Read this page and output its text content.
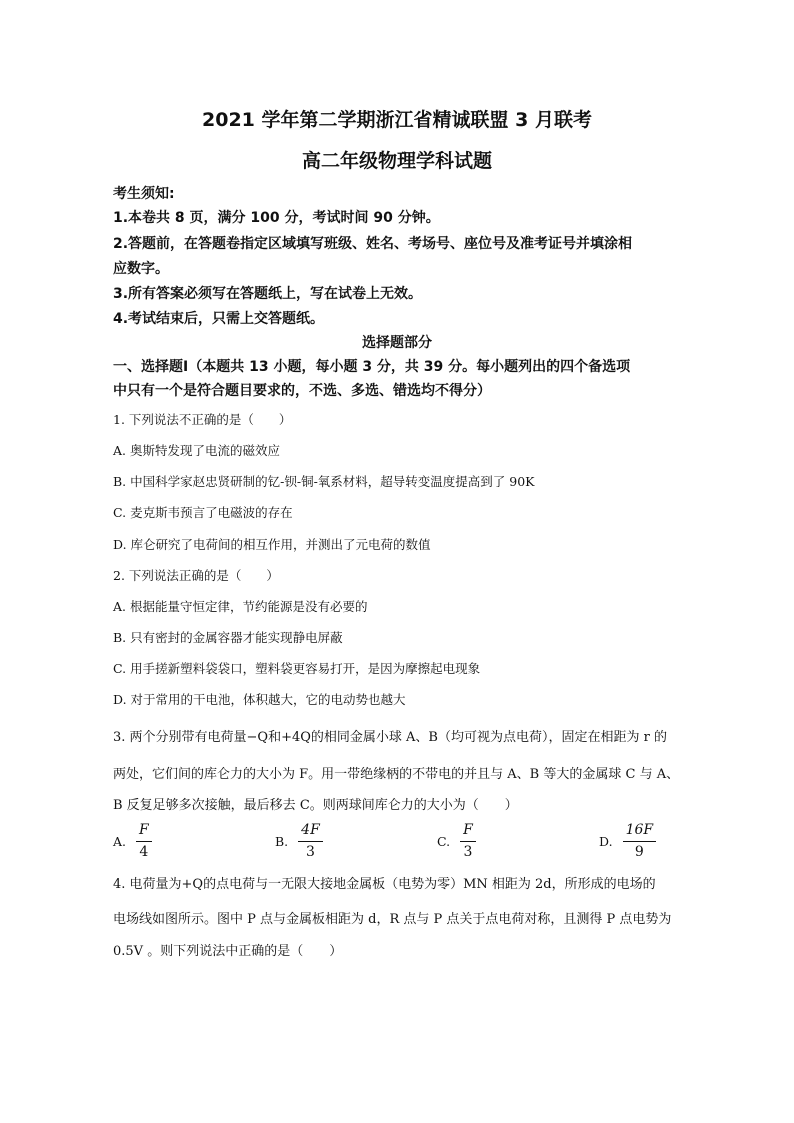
2021 学年第二学期浙江省精诚联盟 3 月联考
高二年级物理学科试题
考生须知:
1.本卷共 8 页，满分 100 分，考试时间 90 分钟。
2.答题前，在答题卷指定区域填写班级、姓名、考场号、座位号及准考证号并填涂相
应数字。
3.所有答案必须写在答题纸上，写在试卷上无效。
4.考试结束后，只需上交答题纸。
选择题部分
一、选择题Ⅰ（本题共 13 小题，每小题 3 分，共 39 分。每小题列出的四个备选项
中只有一个是符合题目要求的，不选、多选、错选均不得分）
1. 下列说法不正确的是（　　）
A. 奥斯特发现了电流的磁效应
B. 中国科学家赵忠贤研制的钇-钡-铜-氧系材料，超导转变温度提高到了 90K
C. 麦克斯韦预言了电磁波的存在
D. 库仑研究了电荷间的相互作用，并测出了元电荷的数值
2. 下列说法正确的是（　　）
A. 根据能量守恒定律，节约能源是没有必要的
B. 只有密封的金属容器才能实现静电屏蔽
C. 用手搓新塑料袋袋口，塑料袋更容易打开，是因为摩擦起电现象
D. 对于常用的干电池，体积越大，它的电动势也越大
3. 两个分别带有电荷量−Q和+4Q的相同金属小球 A、B（均可视为点电荷），固定在相距为 r 的
两处，它们间的库仑力的大小为 F。用一带绝缘柄的不带电的并且与 A、B 等大的金属球 C 与 A、
B 反复足够多次接触，最后移去 C。则两球间库仑力的大小为（　　）
A. $\frac{F}{4}$	B. $\frac{4F}{3}$	C. $\frac{F}{3}$	D. $\frac{16F}{9}$
4. 电荷量为+Q的点电荷与一无限大接地金属板（电势为零）MN 相距为 2d，所形成的电场的
电场线如图所示。图中 P 点与金属板相距为 d，R 点与 P 点关于点电荷对称，且测得 P 点电势为
0.5V 。则下列说法中正确的是（　　）
